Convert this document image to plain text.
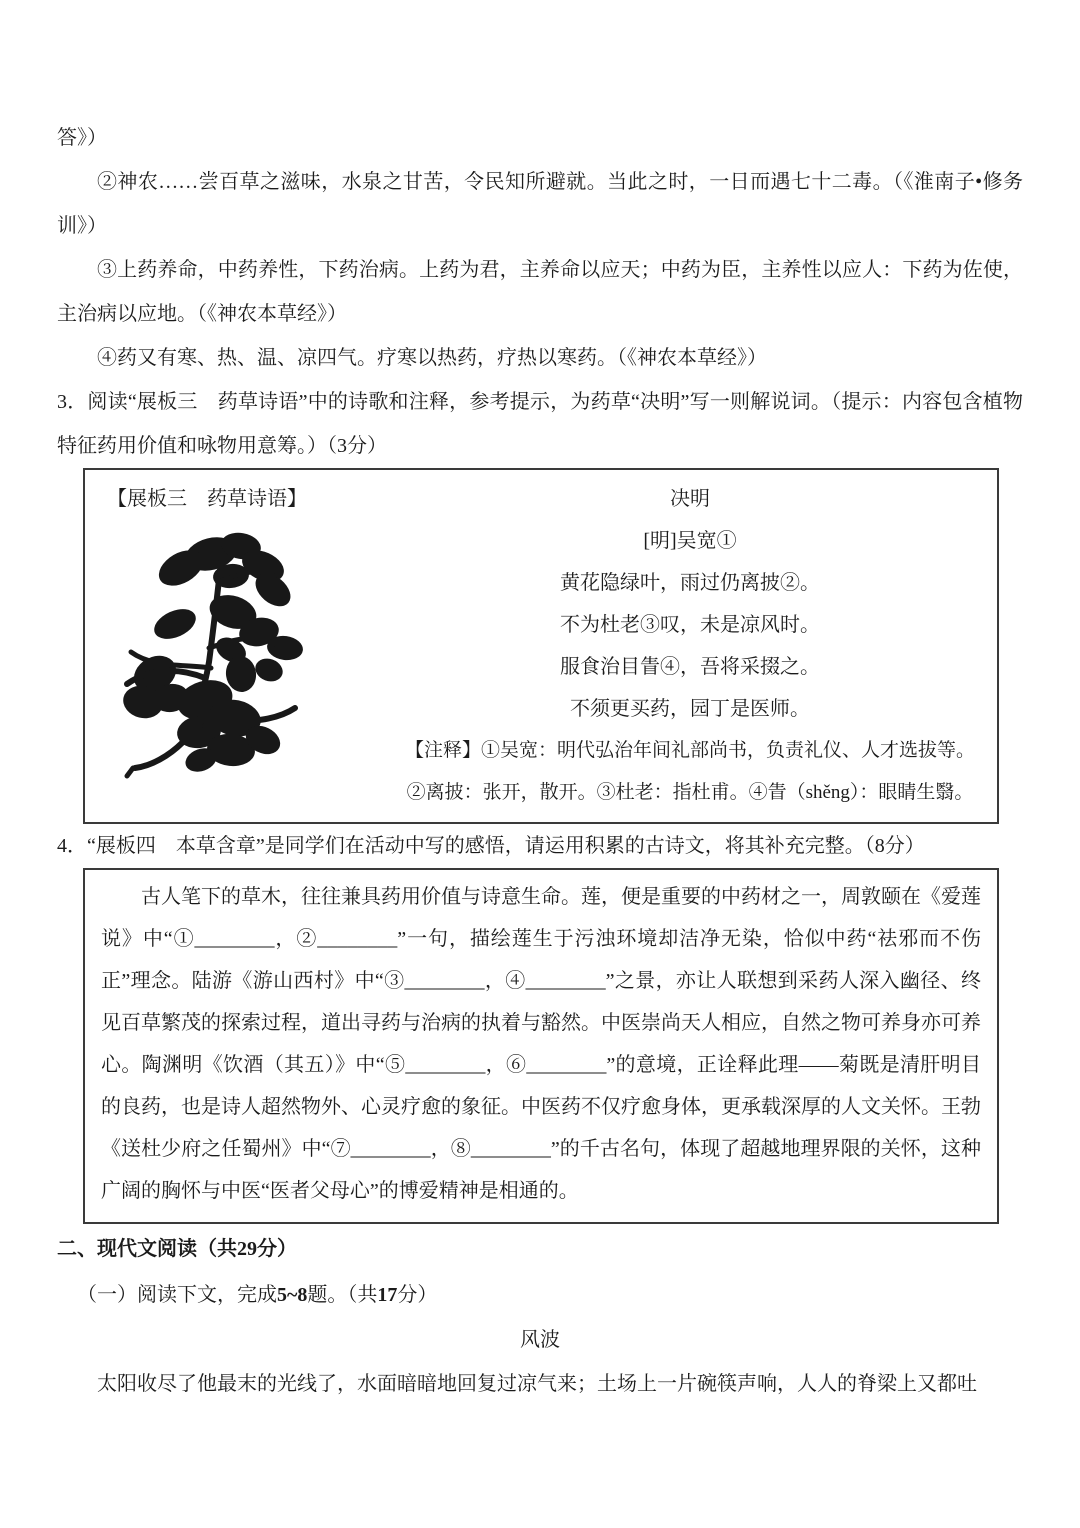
答》）

②神农……尝百草之滋味，水泉之甘苦，令民知所避就。当此之时，一日而遇七十二毒。（《淮南子•修务训》）

③上药养命，中药养性，下药治病。上药为君，主养命以应天；中药为臣，主养性以应人：下药为佐使，主治病以应地。（《神农本草经》）

④药又有寒、热、温、凉四气。疗寒以热药，疗热以寒药。（《神农本草经》）

3．阅读“展板三　药草诗语”中的诗歌和注释，参考提示，为药草“决明”写一则解说词。（提示：内容包含植物特征药用价值和咏物用意筹。）（3分）

【展板三　药草诗语】	决明

[明]吴宽①

黄花隐绿叶，雨过仍离披②。

不为杜老③叹，未是凉风时。

服食治目眚④，吾将采掇之。

不须更买药，园丁是医师。

【注释】①吴宽：明代弘治年间礼部尚书，负责礼仪、人才选拔等。

②离披：张开，散开。③杜老：指杜甫。④眚（shěng）：眼睛生翳。

4．“展板四　本草含章”是同学们在活动中写的感悟，请运用积累的古诗文，将其补充完整。（8分）

古人笔下的草木，往往兼具药用价值与诗意生命。莲，便是重要的中药材之一，周敦颐在《爱莲说》中“①________，②________”一句，描绘莲生于污浊环境却洁净无染，恰似中药“祛邪而不伤正”理念。陆游《游山西村》中“③________，④________”之景，亦让人联想到采药人深入幽径、终见百草繁茂的探索过程，道出寻药与治病的执着与豁然。中医崇尚天人相应，自然之物可养身亦可养心。陶渊明《饮酒（其五）》中“⑤________，⑥________”的意境，正诠释此理——菊既是清肝明目的良药，也是诗人超然物外、心灵疗愈的象征。中医药不仅疗愈身体，更承载深厚的人文关怀。王勃《送杜少府之任蜀州》中“⑦________，⑧________”的千古名句，体现了超越地理界限的关怀，这种广阔的胸怀与中医“医者父母心”的博爱精神是相通的。

二、现代文阅读（共29分）

（一）阅读下文，完成5~8题。（共17分）

风波

太阳收尽了他最末的光线了，水面暗暗地回复过凉气来；土场上一片碗筷声响，人人的脊梁上又都吐
